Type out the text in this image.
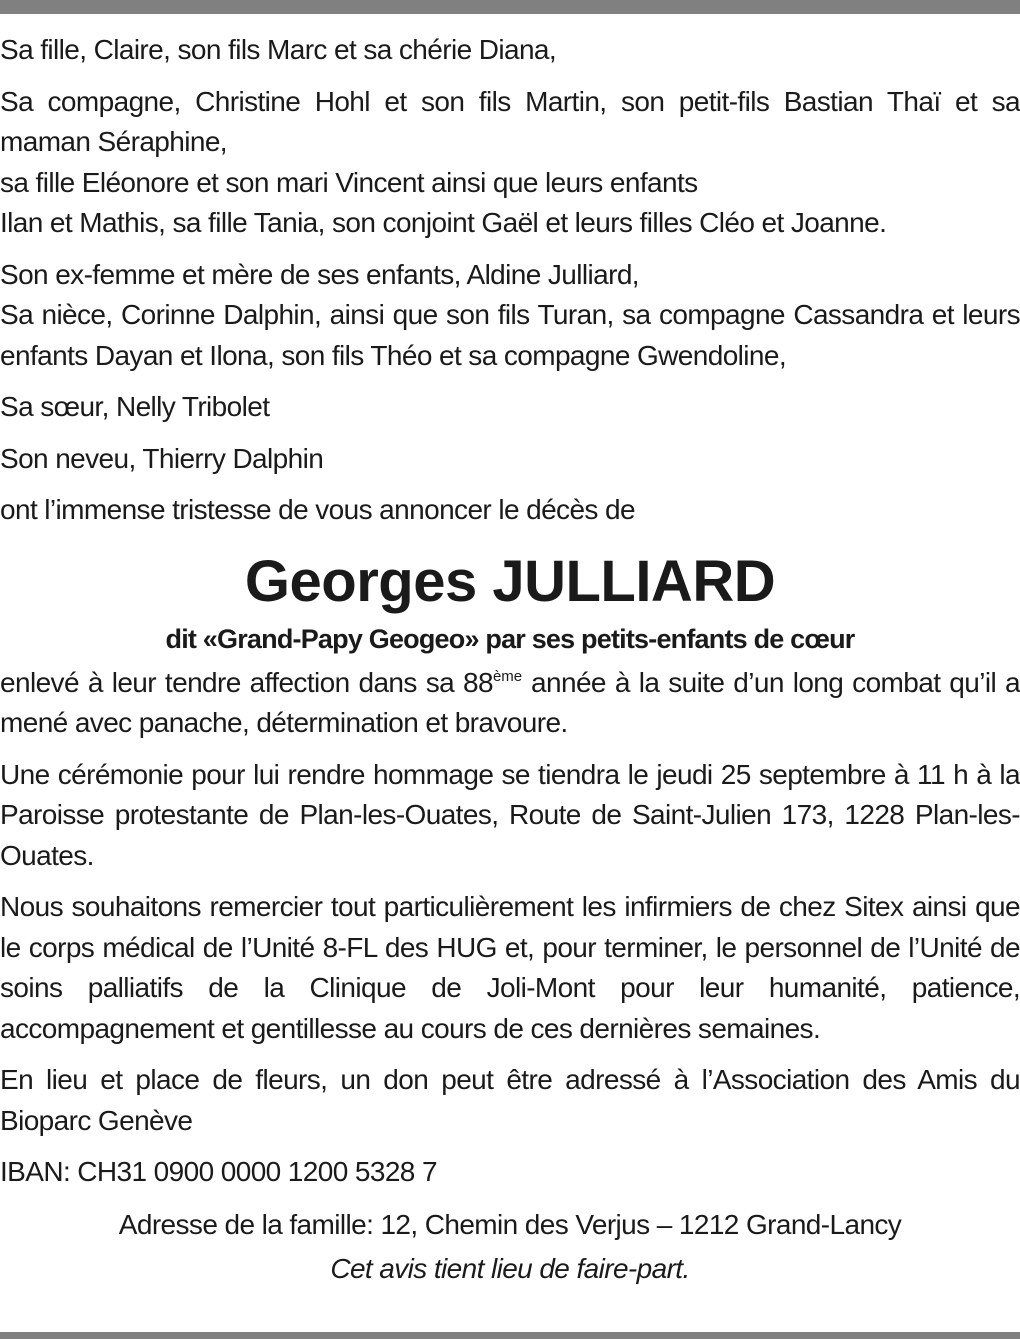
Sa fille, Claire, son fils Marc et sa chérie Diana,

Sa compagne, Christine Hohl et son fils Martin, son petit-fils Bastian Thaï et sa maman Séraphine,

sa fille Eléonore et son mari Vincent ainsi que leurs enfants

Ilan et Mathis, sa fille Tania, son conjoint Gaël et leurs filles Cléo et Joanne.

Son ex-femme et mère de ses enfants, Aldine Julliard,

Sa nièce, Corinne Dalphin, ainsi que son fils Turan, sa compagne Cassandra et leurs enfants Dayan et Ilona, son fils Théo et sa compagne Gwendoline,

Sa sœur, Nelly Tribolet

Son neveu, Thierry Dalphin

ont l’immense tristesse de vous annoncer le décès de

Georges JULLIARD

dit «Grand-Papy Geogeo» par ses petits-enfants de cœur

enlevé à leur tendre affection dans sa 88ème année à la suite d’un long combat qu’il a mené avec panache, détermination et bravoure.

Une cérémonie pour lui rendre hommage se tiendra le jeudi 25 septembre à 11 h à la Paroisse protestante de Plan-les-Ouates, Route de Saint-Julien 173, 1228 Plan-les-Ouates.

Nous souhaitons remercier tout particulièrement les infirmiers de chez Sitex ainsi que le corps médical de l’Unité 8-FL des HUG et, pour terminer, le personnel de l’Unité de soins palliatifs de la Clinique de Joli-Mont pour leur humanité, patience, accompagnement et gentillesse au cours de ces dernières semaines.

En lieu et place de fleurs, un don peut être adressé à l’Association des Amis du Bioparc Genève

IBAN: CH31 0900 0000 1200 5328 7

Adresse de la famille: 12, Chemin des Verjus – 1212 Grand-Lancy

Cet avis tient lieu de faire-part.
